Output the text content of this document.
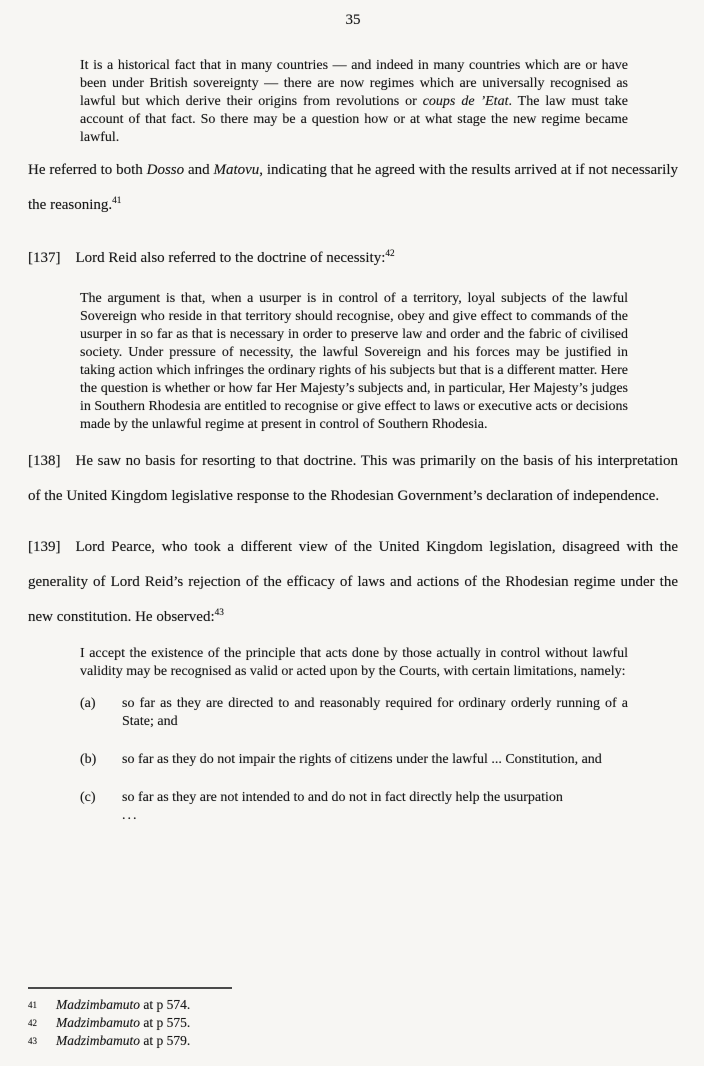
35
It is a historical fact that in many countries — and indeed in many countries which are or have been under British sovereignty — there are now regimes which are universally recognised as lawful but which derive their origins from revolutions or coups de ’Etat. The law must take account of that fact. So there may be a question how or at what stage the new regime became lawful.

He referred to both Dosso and Matovu, indicating that he agreed with the results arrived at if not necessarily the reasoning.$^{41}$

[137] Lord Reid also referred to the doctrine of necessity:$^{42}$

The argument is that, when a usurper is in control of a territory, loyal subjects of the lawful Sovereign who reside in that territory should recognise, obey and give effect to commands of the usurper in so far as that is necessary in order to preserve law and order and the fabric of civilised society. Under pressure of necessity, the lawful Sovereign and his forces may be justified in taking action which infringes the ordinary rights of his subjects but that is a different matter. Here the question is whether or how far Her Majesty’s subjects and, in particular, Her Majesty’s judges in Southern Rhodesia are entitled to recognise or give effect to laws or executive acts or decisions made by the unlawful regime at present in control of Southern Rhodesia.

[138] He saw no basis for resorting to that doctrine. This was primarily on the basis of his interpretation of the United Kingdom legislative response to the Rhodesian Government’s declaration of independence.

[139] Lord Pearce, who took a different view of the United Kingdom legislation, disagreed with the generality of Lord Reid’s rejection of the efficacy of laws and actions of the Rhodesian regime under the new constitution. He observed:$^{43}$

I accept the existence of the principle that acts done by those actually in control without lawful validity may be recognised as valid or acted upon by the Courts, with certain limitations, namely:
(a)	so far as they are directed to and reasonably required for ordinary orderly running of a State; and
(b)	so far as they do not impair the rights of citizens under the lawful ... Constitution, and
(c)	so far as they are not intended to and do not in fact directly help the usurpation
...
41	Madzimbamuto at p 574.
42	Madzimbamuto at p 575.
43	Madzimbamuto at p 579.
